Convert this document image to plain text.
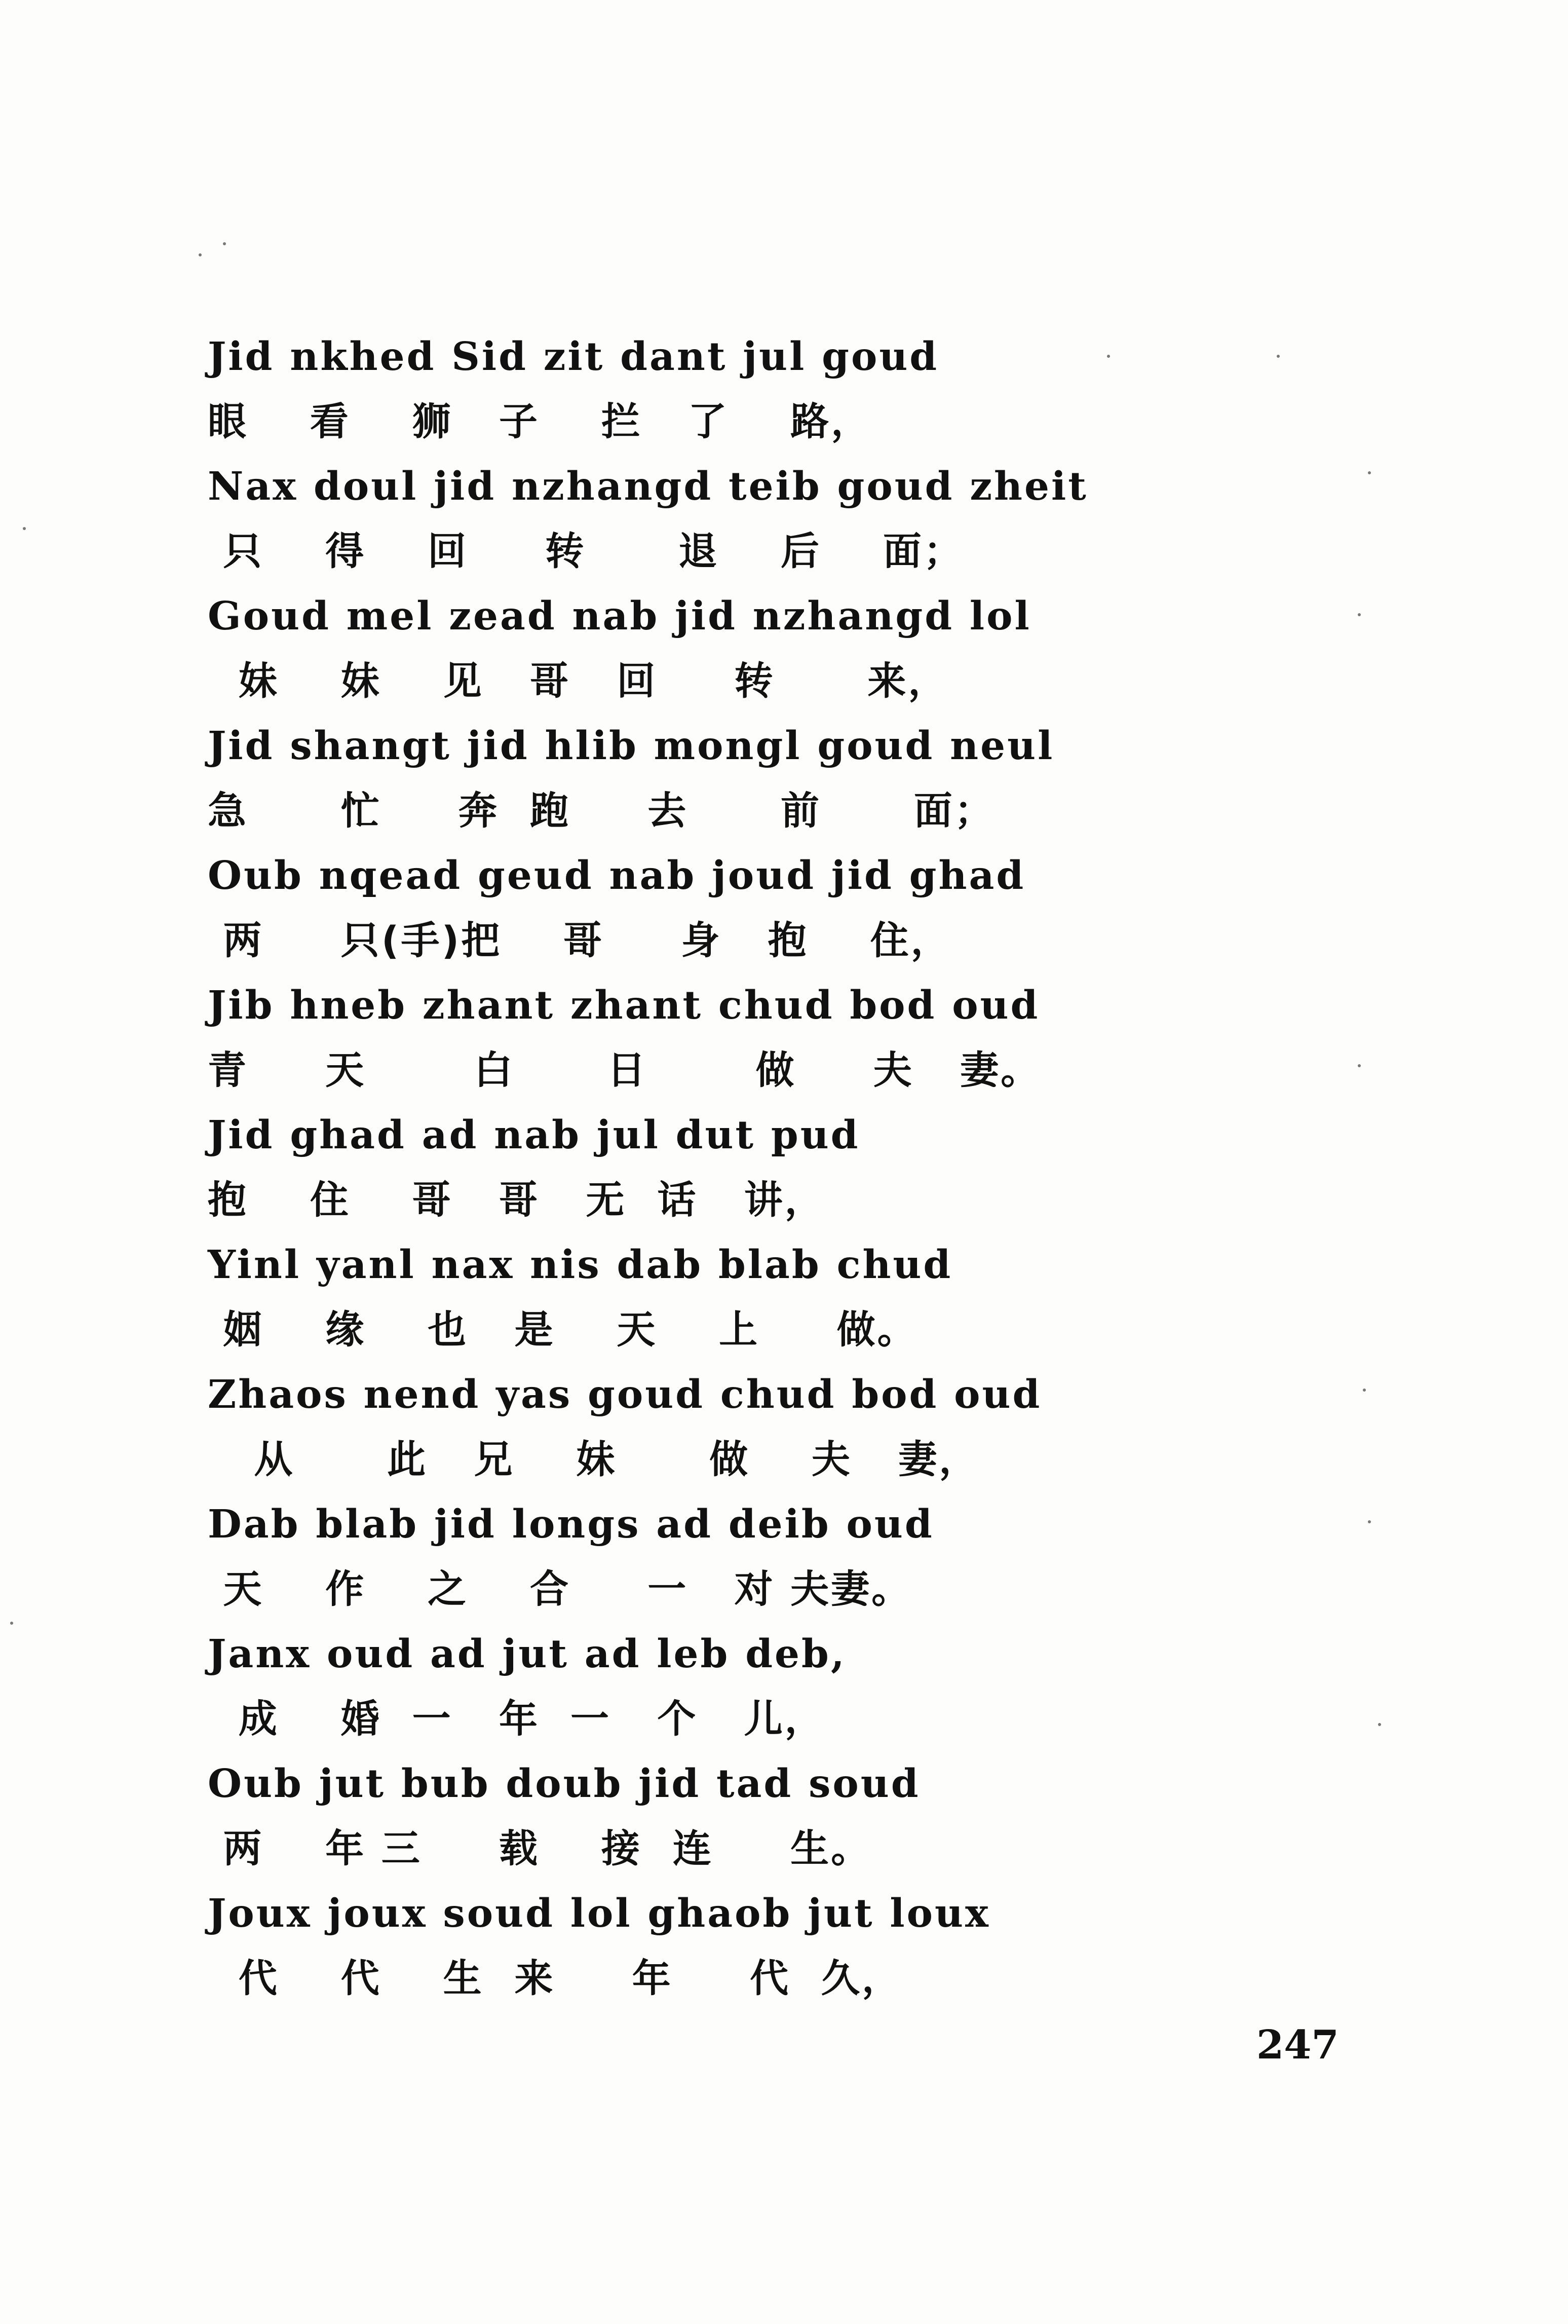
Jid nkhed Sid zit dant jul goud
眼    看    狮   子    拦   了    路，
Nax doul jid nzhangd teib goud zheit
只    得    回     转      退    后    面；
Goud mel zead nab jid nzhangd lol
妹    妹    见   哥   回     转      来，
Jid shangt jid hlib mongl goud neul
急      忙     奔  跑     去      前      面；
Oub nqead geud nab joud jid ghad
两     只(手)把    哥     身   抱    住，
Jib hneb zhant zhant chud bod oud
青     天       白      日       做     夫   妻。
Jid ghad ad nab jul dut pud
抱    住    哥   哥   无  话   讲，
Yinl yanl nax nis dab blab chud
姻    缘    也   是    天    上     做。
Zhaos nend yas goud chud bod oud
从      此   兄    妹      做    夫   妻，
Dab blab jid longs ad deib oud
天    作    之    合     一   对 夫妻。
Janx oud ad jut ad leb deb,
成    婚  一   年  一   个   儿，
Oub jut bub doub jid tad soud
两    年 三     载    接  连     生。
Joux joux soud lol ghaob jut loux
代    代    生  来     年     代  久，
247
